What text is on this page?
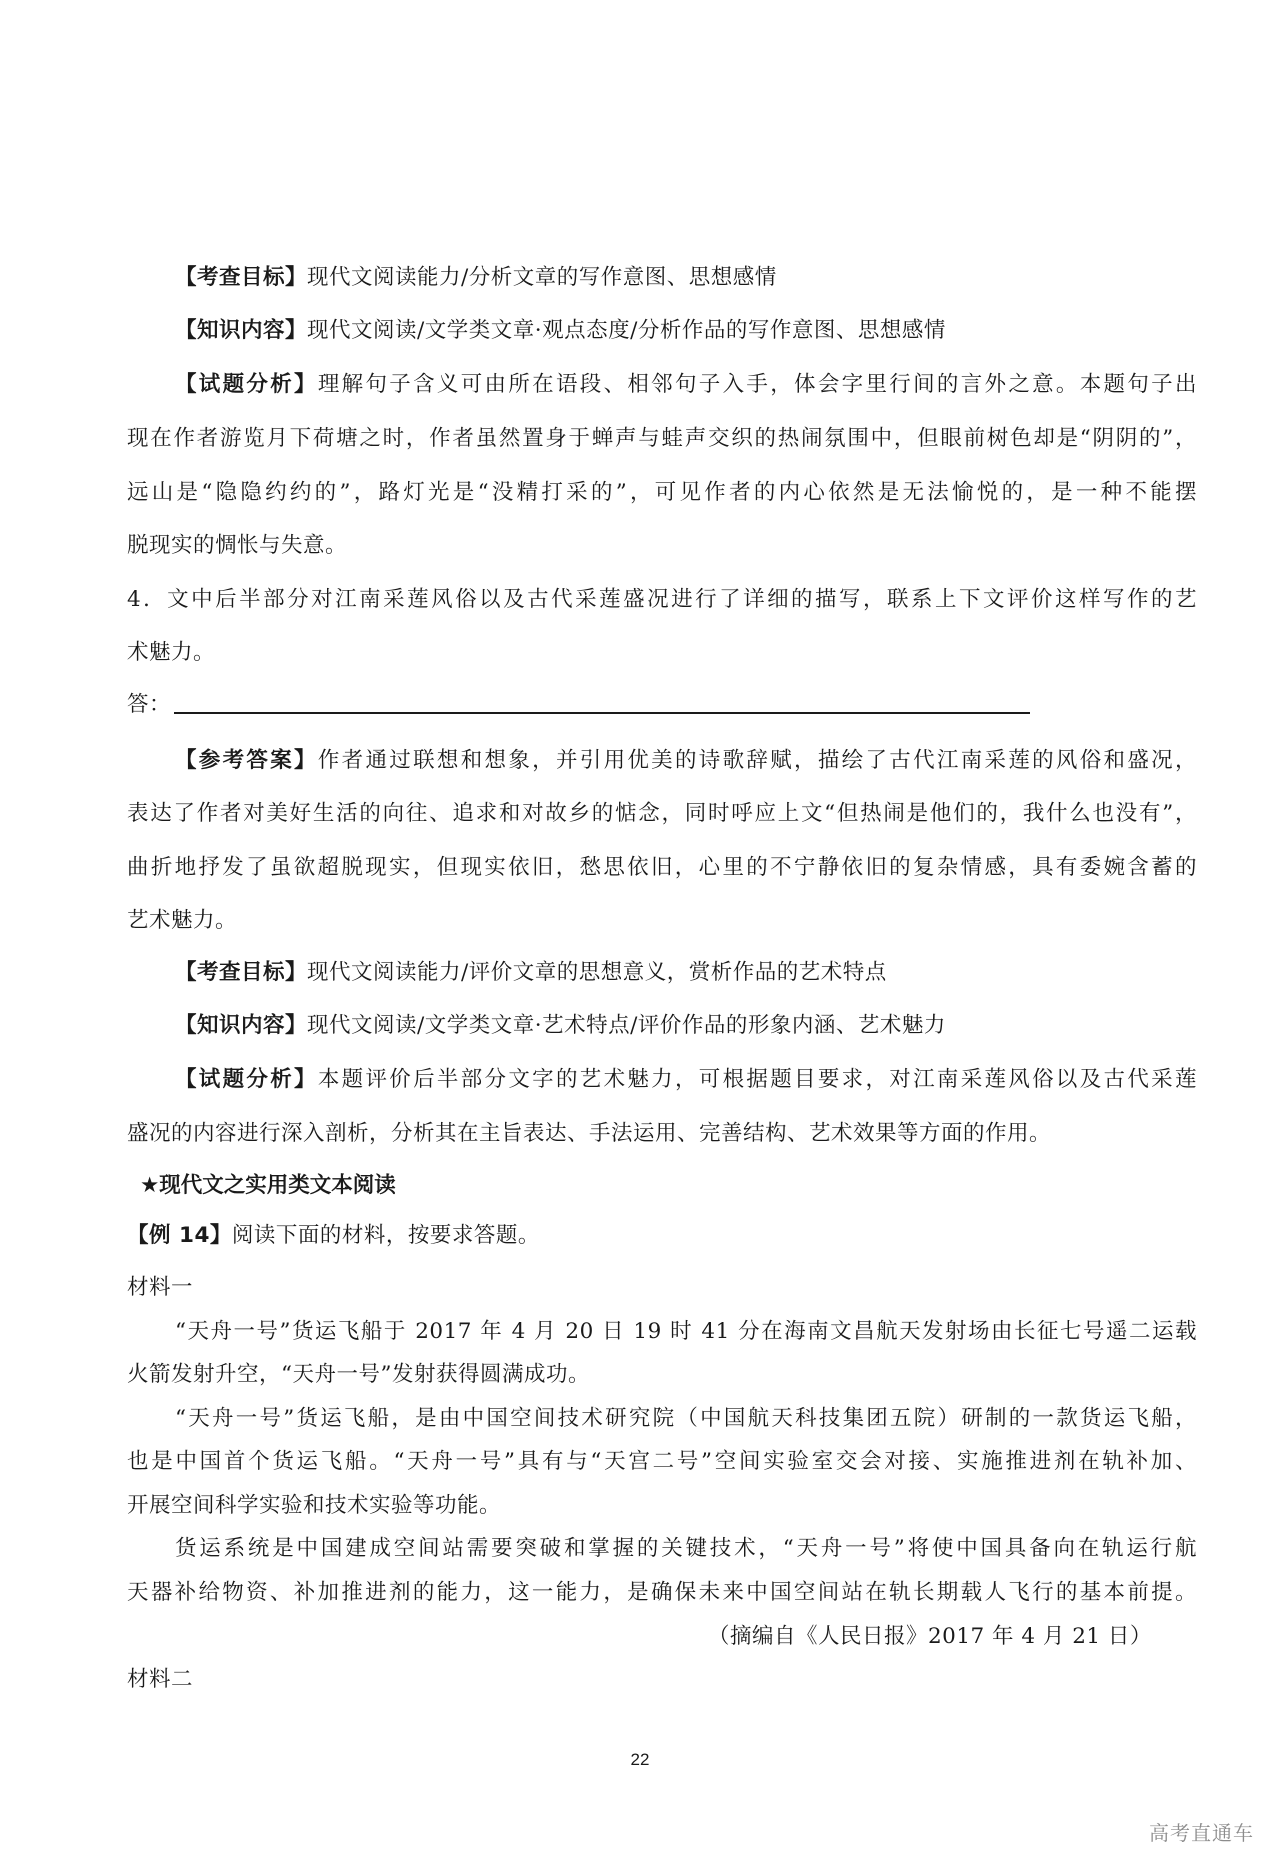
【考查目标】现代文阅读能力/分析文章的写作意图、思想感情
【知识内容】现代文阅读/文学类文章·观点态度/分析作品的写作意图、思想感情
【试题分析】理解句子含义可由所在语段、相邻句子入手，体会字里行间的言外之意。本题句子出
现在作者游览月下荷塘之时，作者虽然置身于蝉声与蛙声交织的热闹氛围中，但眼前树色却是“阴阴的”，
远山是“隐隐约约的”，路灯光是“没精打采的”，可见作者的内心依然是无法愉悦的，是一种不能摆
脱现实的惆怅与失意。
4．文中后半部分对江南采莲风俗以及古代采莲盛况进行了详细的描写，联系上下文评价这样写作的艺
术魅力。
答：
【参考答案】作者通过联想和想象，并引用优美的诗歌辞赋，描绘了古代江南采莲的风俗和盛况，
表达了作者对美好生活的向往、追求和对故乡的惦念，同时呼应上文“但热闹是他们的，我什么也没有”，
曲折地抒发了虽欲超脱现实，但现实依旧，愁思依旧，心里的不宁静依旧的复杂情感，具有委婉含蓄的
艺术魅力。
【考查目标】现代文阅读能力/评价文章的思想意义，赏析作品的艺术特点
【知识内容】现代文阅读/文学类文章·艺术特点/评价作品的形象内涵、艺术魅力
【试题分析】本题评价后半部分文字的艺术魅力，可根据题目要求，对江南采莲风俗以及古代采莲
盛况的内容进行深入剖析，分析其在主旨表达、手法运用、完善结构、艺术效果等方面的作用。
★现代文之实用类文本阅读
【例 14】阅读下面的材料，按要求答题。
材料一
“天舟一号”货运飞船于 2017 年 4 月 20 日 19 时 41 分在海南文昌航天发射场由长征七号遥二运载
火箭发射升空，“天舟一号”发射获得圆满成功。
“天舟一号”货运飞船，是由中国空间技术研究院（中国航天科技集团五院）研制的一款货运飞船，
也是中国首个货运飞船。“天舟一号”具有与“天宫二号”空间实验室交会对接、实施推进剂在轨补加、
开展空间科学实验和技术实验等功能。
货运系统是中国建成空间站需要突破和掌握的关键技术，“天舟一号”将使中国具备向在轨运行航
天器补给物资、补加推进剂的能力，这一能力，是确保未来中国空间站在轨长期载人飞行的基本前提。
（摘编自《人民日报》2017 年 4 月 21 日）
材料二
22
高考直通车
